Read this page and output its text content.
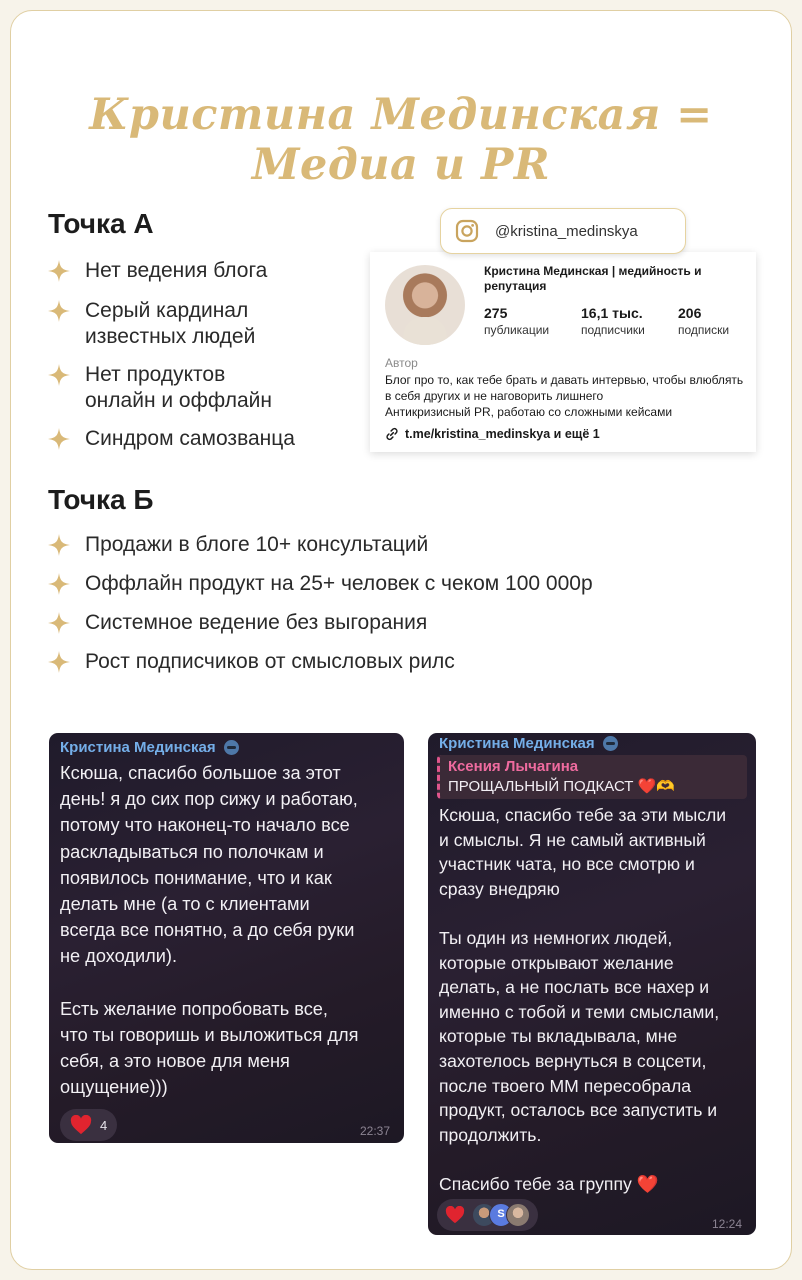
Кристина Мединская = Медиа и PR
Точка А
Нет ведения блога
Серый кардинал
известных людей
Нет продуктов
онлайн и оффлайн
Синдром самозванца
@kristina_medinskya
Кристина Мединская | медийность и репутация
275
публикации
16,1 тыс.
подписчики
206
подписки
Автор
Блог про то, как тебе брать и давать интервью, чтобы влюблять в себя других и не наговорить лишнего
Антикризисный PR, работаю со сложными кейсами
t.me/kristina_medinskya и ещё 1
Точка Б
Продажи в блоге 10+ консультаций
Оффлайн продукт на 25+ человек с чеком 100 000р
Системное ведение без выгорания
Рост подписчиков от смысловых рилс
Кристина Мединская
Ксюша, спасибо большое за этот
день! я до сих пор сижу и работаю,
потому что наконец-то начало все
раскладываться по полочкам и
появилось понимание, что и как
делать мне (а то с клиентами
всегда все понятно, а до себя руки
не доходили).

Есть желание попробовать все,
что ты говоришь и выложиться для
себя, а это новое для меня
ощущение)))
4	22:37
Кристина Мединская
Ксения Лычагина
ПРОЩАЛЬНЫЙ ПОДКАСТ ❤️🫶
Ксюша, спасибо тебе за эти мысли
и смыслы. Я не самый активный
участник чата, но все смотрю и
сразу внедряю

Ты один из немногих людей,
которые открывают желание
делать, а не послать все нахер и
именно с тобой и теми смыслами,
которые ты вкладывала, мне
захотелось вернуться в соцсети,
после твоего ММ пересобрала
продукт, осталось все запустить и
продолжить.

Спасибо тебе за группу ❤️
S
12:24
